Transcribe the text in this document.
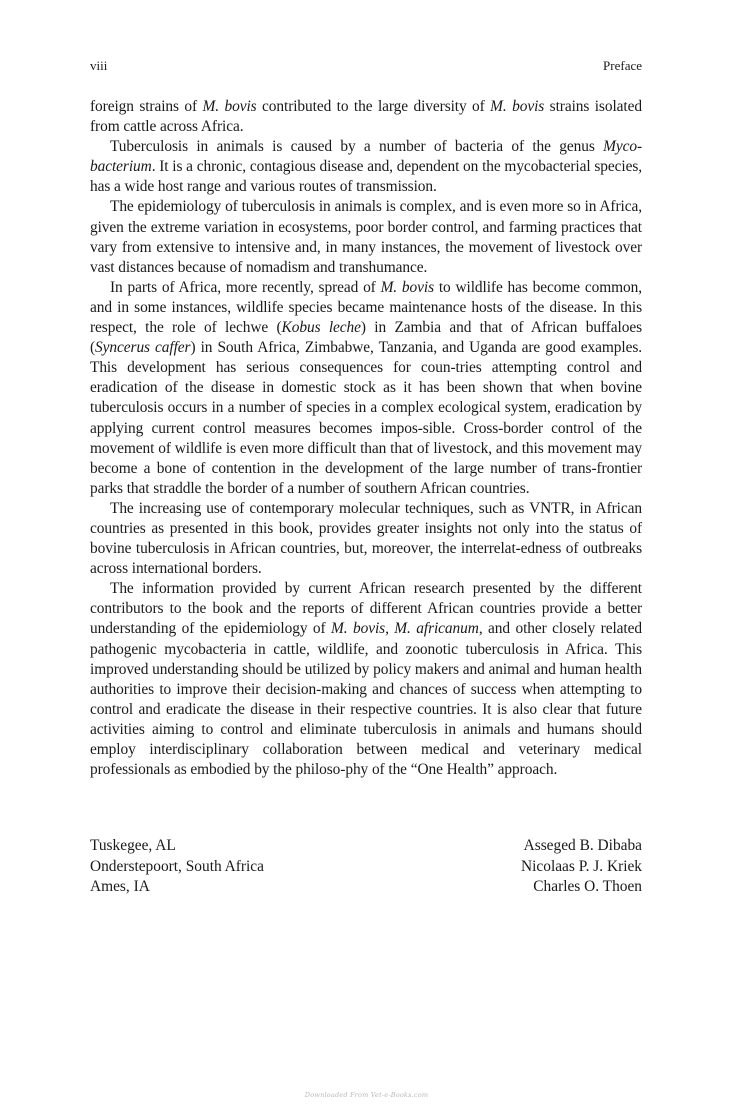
viii	Preface

foreign strains of M. bovis contributed to the large diversity of M. bovis strains isolated from cattle across Africa.

Tuberculosis in animals is caused by a number of bacteria of the genus Myco-bacterium. It is a chronic, contagious disease and, dependent on the mycobacterial species, has a wide host range and various routes of transmission.

The epidemiology of tuberculosis in animals is complex, and is even more so in Africa, given the extreme variation in ecosystems, poor border control, and farming practices that vary from extensive to intensive and, in many instances, the movement of livestock over vast distances because of nomadism and transhumance.

In parts of Africa, more recently, spread of M. bovis to wildlife has become common, and in some instances, wildlife species became maintenance hosts of the disease. In this respect, the role of lechwe (Kobus leche) in Zambia and that of African buffaloes (Syncerus caffer) in South Africa, Zimbabwe, Tanzania, and Uganda are good examples. This development has serious consequences for coun-tries attempting control and eradication of the disease in domestic stock as it has been shown that when bovine tuberculosis occurs in a number of species in a complex ecological system, eradication by applying current control measures becomes impos-sible. Cross-border control of the movement of wildlife is even more difficult than that of livestock, and this movement may become a bone of contention in the development of the large number of trans-frontier parks that straddle the border of a number of southern African countries.

The increasing use of contemporary molecular techniques, such as VNTR, in African countries as presented in this book, provides greater insights not only into the status of bovine tuberculosis in African countries, but, moreover, the interrelat-edness of outbreaks across international borders.

The information provided by current African research presented by the different contributors to the book and the reports of different African countries provide a better understanding of the epidemiology of M. bovis, M. africanum, and other closely related pathogenic mycobacteria in cattle, wildlife, and zoonotic tuberculosis in Africa. This improved understanding should be utilized by policy makers and animal and human health authorities to improve their decision-making and chances of success when attempting to control and eradicate the disease in their respective countries. It is also clear that future activities aiming to control and eliminate tuberculosis in animals and humans should employ interdisciplinary collaboration between medical and veterinary medical professionals as embodied by the philoso-phy of the “One Health” approach.

Tuskegee, AL	Asseged B. Dibaba
Onderstepoort, South Africa	Nicolaas P. J. Kriek
Ames, IA	Charles O. Thoen
Downloaded From Vet-e-Books.com
